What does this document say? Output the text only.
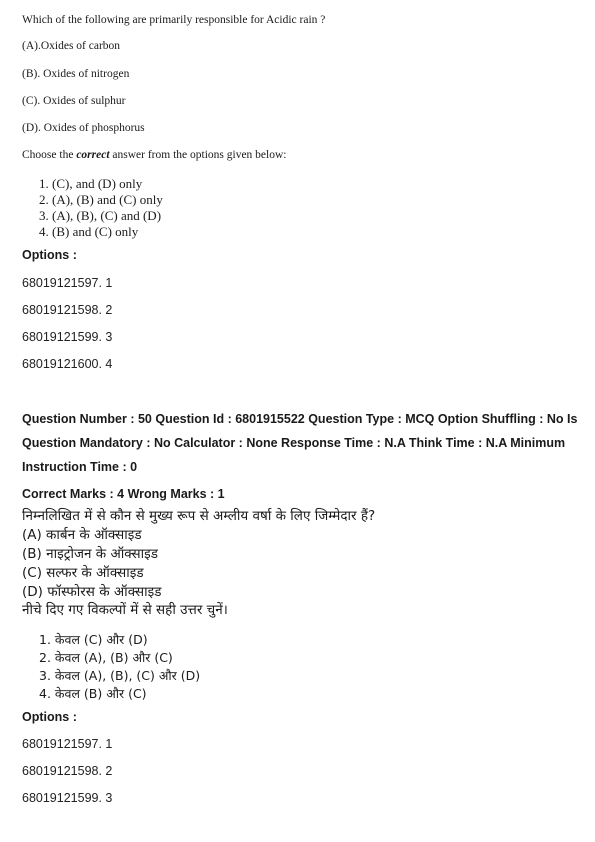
Which of the following are primarily responsible for Acidic rain ?
(A).Oxides of carbon
(B). Oxides of nitrogen
(C). Oxides of sulphur
(D). Oxides of phosphorus
Choose the correct answer from the options given below:
1. (C), and (D) only
2. (A), (B) and (C) only
3. (A), (B), (C) and (D)
4. (B) and (C) only
Options :
68019121597. 1
68019121598. 2
68019121599. 3
68019121600. 4
Question Number : 50 Question Id : 6801915522 Question Type : MCQ Option Shuffling : No Is
Question Mandatory : No Calculator : None Response Time : N.A Think Time : N.A Minimum
Instruction Time : 0
Correct Marks : 4 Wrong Marks : 1
निम्नलिखित में से कौन से मुख्य रूप से अम्लीय वर्षा के लिए जिम्मेदार हैं?
(A) कार्बन के ऑक्साइड
(B) नाइट्रोजन के ऑक्साइड
(C) सल्फर के ऑक्साइड
(D) फॉस्फोरस के ऑक्साइड
नीचे दिए गए विकल्पों में से सही उत्तर चुनें।
1. केवल (C) और (D)
2. केवल (A), (B) और (C)
3. केवल (A), (B), (C) और (D)
4. केवल (B) और (C)
Options :
68019121597. 1
68019121598. 2
68019121599. 3
